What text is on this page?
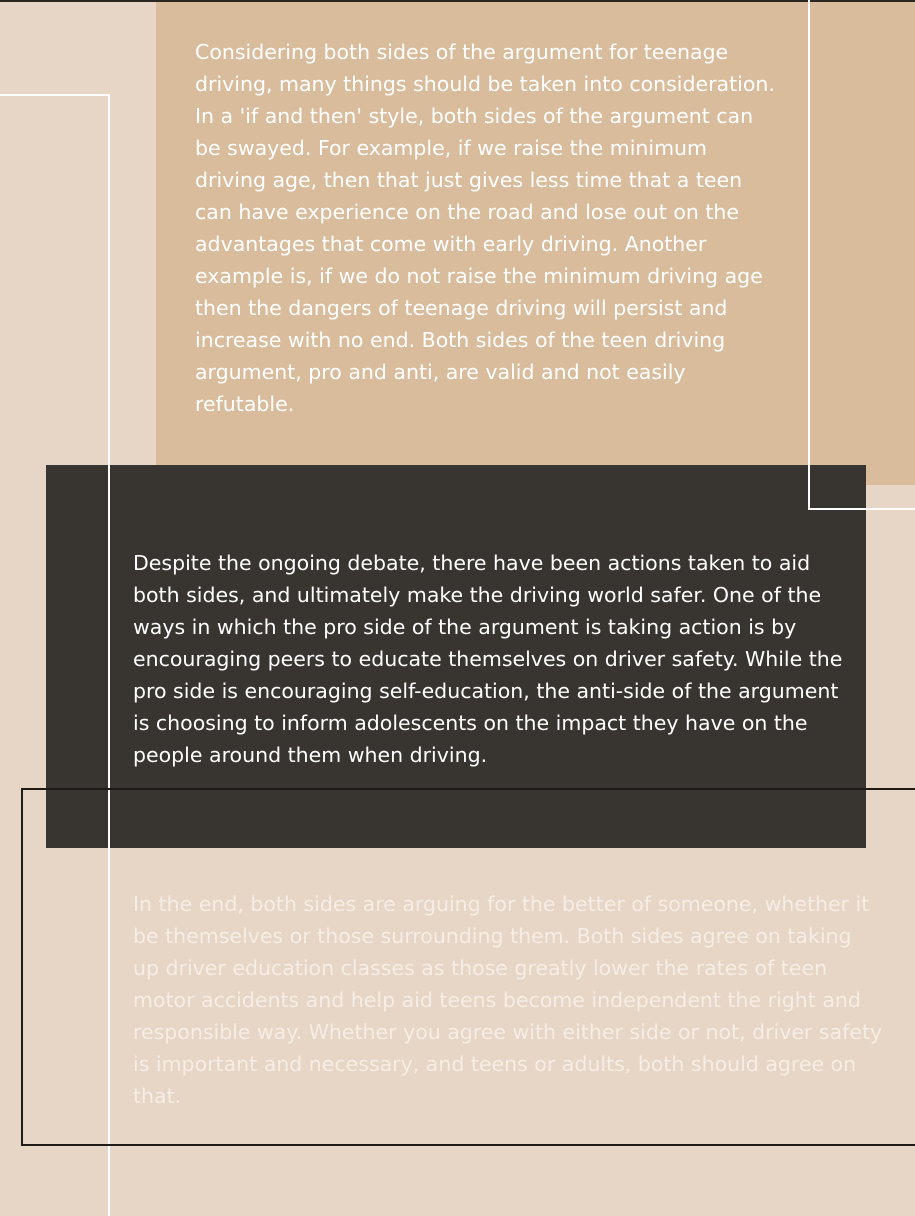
Considering both sides of the argument for teenage driving, many things should be taken into consideration. In a 'if and then' style, both sides of the argument can be swayed. For example, if we raise the minimum driving age, then that just gives less time that a teen can have experience on the road and lose out on the advantages that come with early driving. Another example is, if we do not raise the minimum driving age then the dangers of teenage driving will persist and increase with no end. Both sides of the teen driving argument, pro and anti, are valid and not easily refutable.

Despite the ongoing debate, there have been actions taken to aid both sides, and ultimately make the driving world safer. One of the ways in which the pro side of the argument is taking action is by encouraging peers to educate themselves on driver safety. While the pro side is encouraging self-education, the anti-side of the argument is choosing to inform adolescents on the impact they have on the people around them when driving.

In the end, both sides are arguing for the better of someone, whether it be themselves or those surrounding them. Both sides agree on taking up driver education classes as those greatly lower the rates of teen motor accidents and help aid teens become independent the right and responsible way. Whether you agree with either side or not, driver safety is important and necessary, and teens or adults, both should agree on that.
